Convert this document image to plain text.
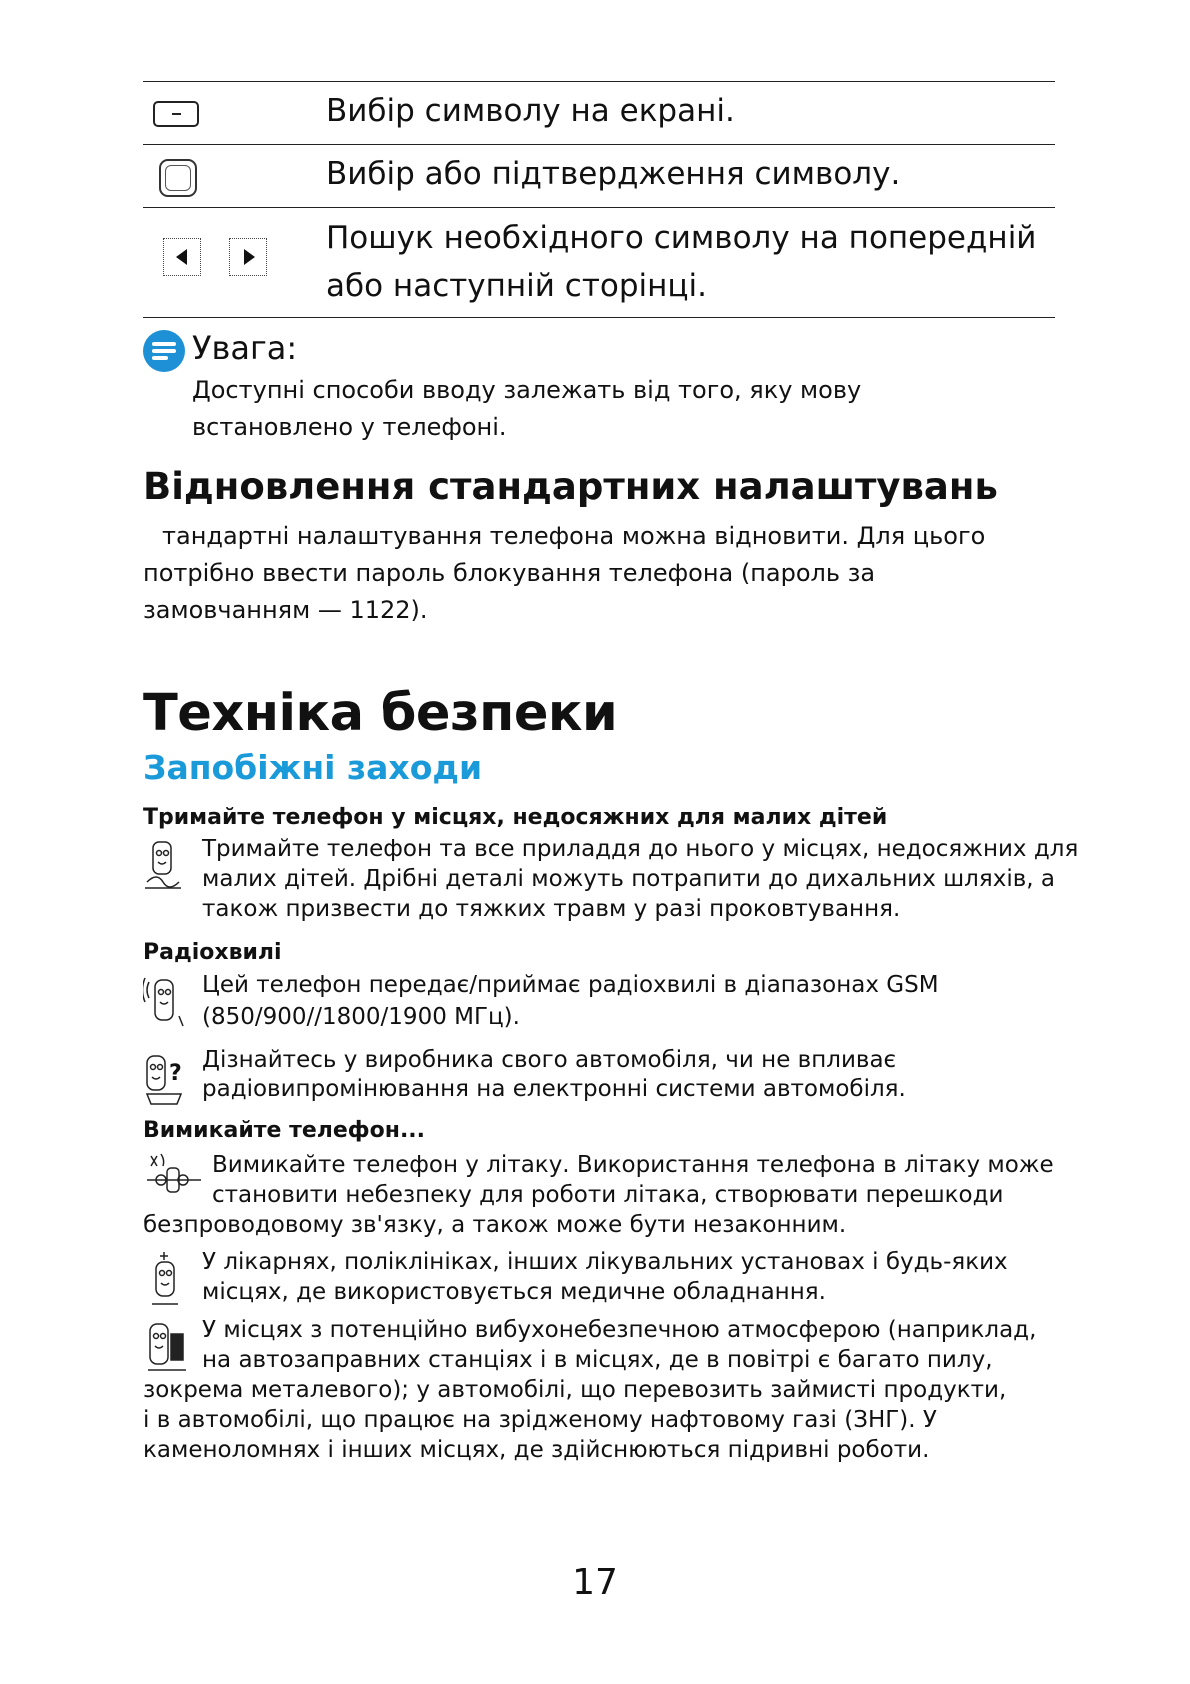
Вибір символу на екрані.
Вибір або підтвердження символу.
Пошук необхідного символу на попередній або наступній сторінці.
Увага:
Доступні способи вводу залежать від того, яку мову встановлено у телефоні.
Відновлення стандартних налаштувань
тандартні налаштування телефона можна відновити. Для цього потрібно ввести пароль блокування телефона (пароль за замовчанням — 1122).
Техніка безпеки
Запобіжні заходи
Тримайте телефон у місцях, недосяжних для малих дітей
Тримайте телефон та все приладдя до нього у місцях, недосяжних для
малих дітей. Дрібні деталі можуть потрапити до дихальних шляхів, а
також призвести до тяжких травм у разі проковтування.
Радіохвилі
Цей телефон передає/приймає радіохвилі в діапазонах GSM
(850/900//1800/1900 МГц).
?
Дізнайтесь у виробника свого автомобіля, чи не впливає
радіовипромінювання на електронні системи автомобіля.
Вимикайте телефон...
Вимикайте телефон у літаку. Використання телефона в літаку може
становити небезпеку для роботи літака, створювати перешкоди
безпроводовому зв'язку, а також може бути незаконним.
У лікарнях, поліклініках, інших лікувальних установах і будь-яких
місцях, де використовується медичне обладнання.
У місцях з потенційно вибухонебезпечною атмосферою (наприклад,
на автозаправних станціях і в місцях, де в повітрі є багато пилу,
зокрема металевого); у автомобілі, що перевозить займисті продукти,
і в автомобілі, що працює на зрідженому нафтовому газі (ЗНГ). У
каменоломнях і інших місцях, де здійснюються підривні роботи.
17
